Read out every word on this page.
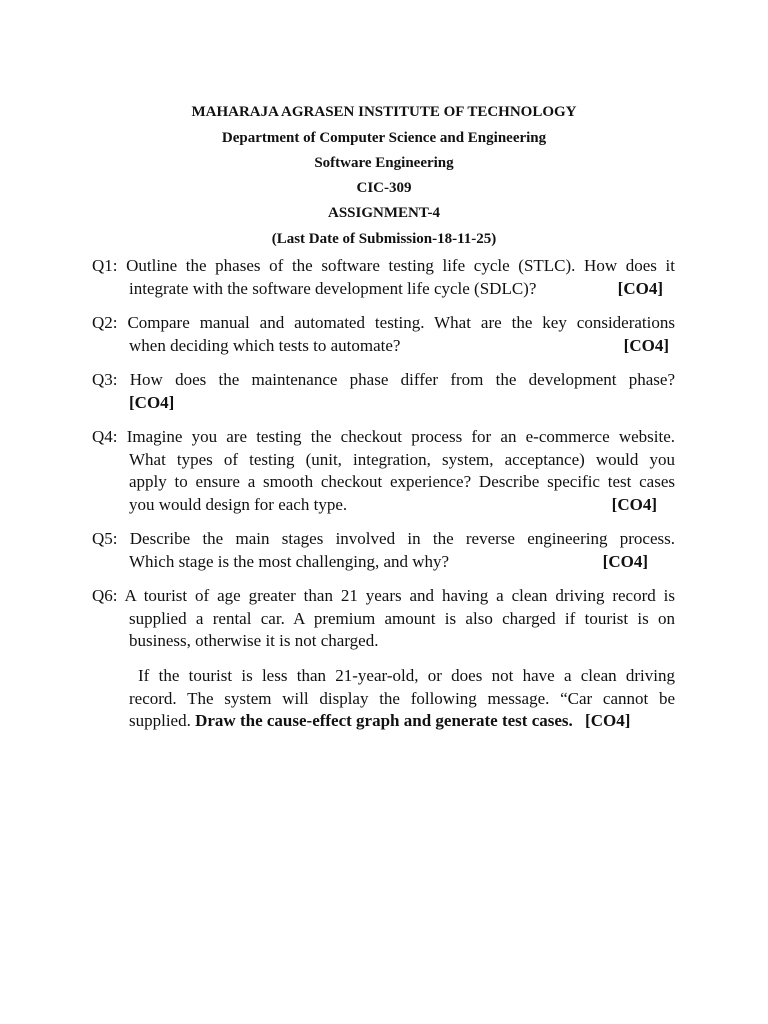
MAHARAJA AGRASEN INSTITUTE OF TECHNOLOGY
Department of Computer Science and Engineering
Software Engineering
CIC-309
ASSIGNMENT-4
(Last Date of Submission-18-11-25)
Q1: Outline the phases of the software testing life cycle (STLC). How does it
integrate with the software development life cycle (SDLC)?	[CO4]
Q2: Compare manual and automated testing. What are the key considerations
when deciding which tests to automate?	[CO4]
Q3: How does the maintenance phase differ from the development phase?
[CO4]
Q4: Imagine you are testing the checkout process for an e-commerce website.
What types of testing (unit, integration, system, acceptance) would you
apply to ensure a smooth checkout experience? Describe specific test cases
you would design for each type.	[CO4]
Q5: Describe the main stages involved in the reverse engineering process.
Which stage is the most challenging, and why?	[CO4]
Q6: A tourist of age greater than 21 years and having a clean driving record is
supplied a rental car. A premium amount is also charged if tourist is on
business, otherwise it is not charged.
If the tourist is less than 21-year-old, or does not have a clean driving
record. The system will display the following message. “Car cannot be
supplied. Draw the cause-effect graph and generate test cases. [CO4]
